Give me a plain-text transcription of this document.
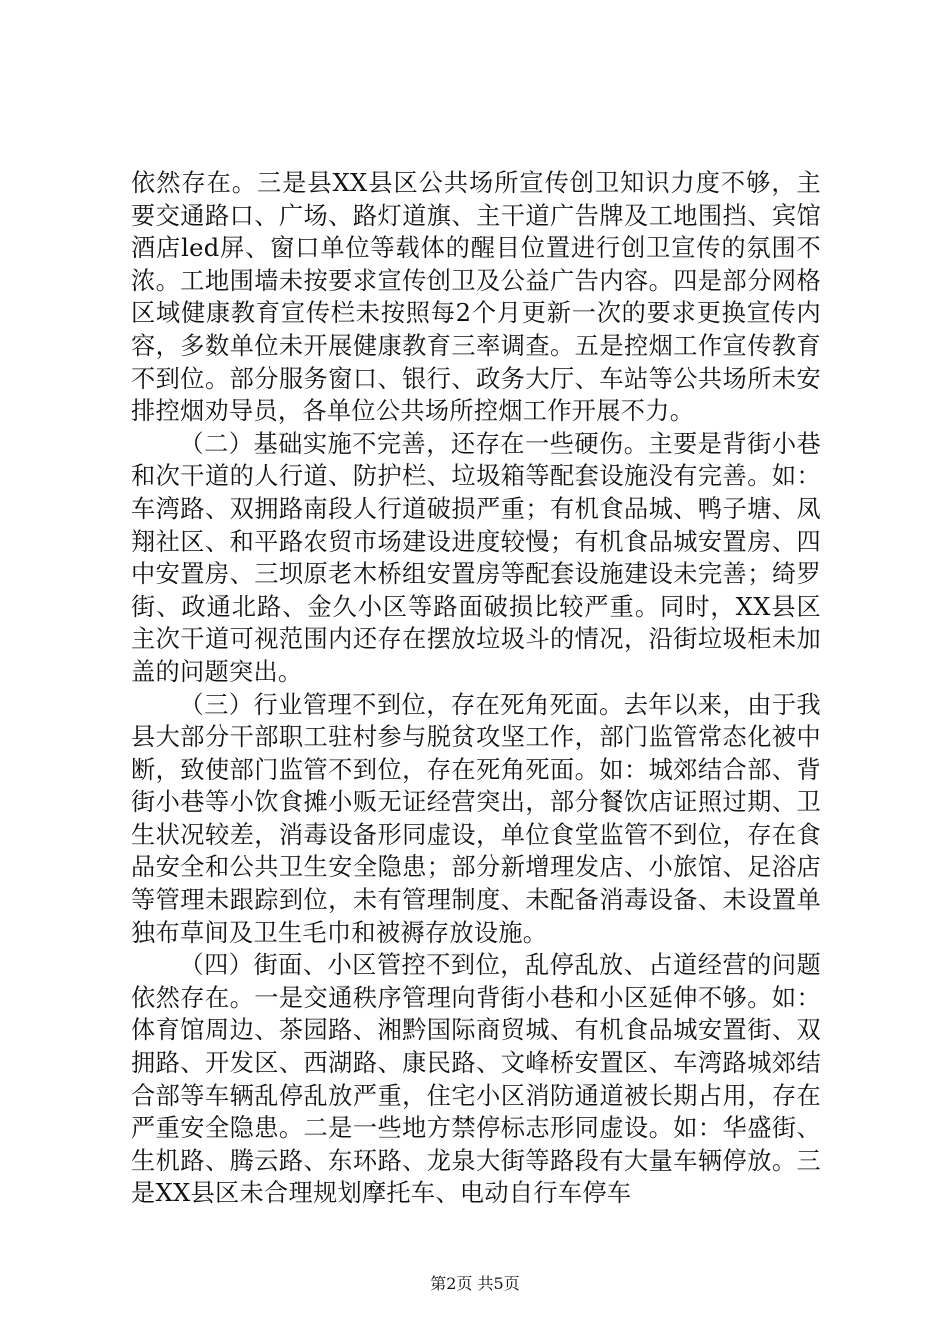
依然存在。三是县XX县区公共场所宣传创卫知识力度不够，主要交通路口、广场、路灯道旗、主干道广告牌及工地围挡、宾馆酒店led屏、窗口单位等载体的醒目位置进行创卫宣传的氛围不浓。工地围墙未按要求宣传创卫及公益广告内容。四是部分网格区域健康教育宣传栏未按照每2个月更新一次的要求更换宣传内容，多数单位未开展健康教育三率调查。五是控烟工作宣传教育不到位。部分服务窗口、银行、政务大厅、车站等公共场所未安排控烟劝导员，各单位公共场所控烟工作开展不力。

（二）基础实施不完善，还存在一些硬伤。主要是背街小巷和次干道的人行道、防护栏、垃圾箱等配套设施没有完善。如：车湾路、双拥路南段人行道破损严重；有机食品城、鸭子塘、凤翔社区、和平路农贸市场建设进度较慢；有机食品城安置房、四中安置房、三坝原老木桥组安置房等配套设施建设未完善；绮罗街、政通北路、金久小区等路面破损比较严重。同时，XX县区主次干道可视范围内还存在摆放垃圾斗的情况，沿街垃圾柜未加盖的问题突出。

（三）行业管理不到位，存在死角死面。去年以来，由于我县大部分干部职工驻村参与脱贫攻坚工作，部门监管常态化被中断，致使部门监管不到位，存在死角死面。如：城郊结合部、背街小巷等小饮食摊小贩无证经营突出，部分餐饮店证照过期、卫生状况较差，消毒设备形同虚设，单位食堂监管不到位，存在食品安全和公共卫生安全隐患；部分新增理发店、小旅馆、足浴店等管理未跟踪到位，未有管理制度、未配备消毒设备、未设置单独布草间及卫生毛巾和被褥存放设施。

（四）街面、小区管控不到位，乱停乱放、占道经营的问题依然存在。一是交通秩序管理向背街小巷和小区延伸不够。如：体育馆周边、茶园路、湘黔国际商贸城、有机食品城安置街、双拥路、开发区、西湖路、康民路、文峰桥安置区、车湾路城郊结合部等车辆乱停乱放严重，住宅小区消防通道被长期占用，存在严重安全隐患。二是一些地方禁停标志形同虚设。如：华盛街、生机路、腾云路、东环路、龙泉大街等路段有大量车辆停放。三是XX县区未合理规划摩托车、电动自行车停车

第2页 共5页
